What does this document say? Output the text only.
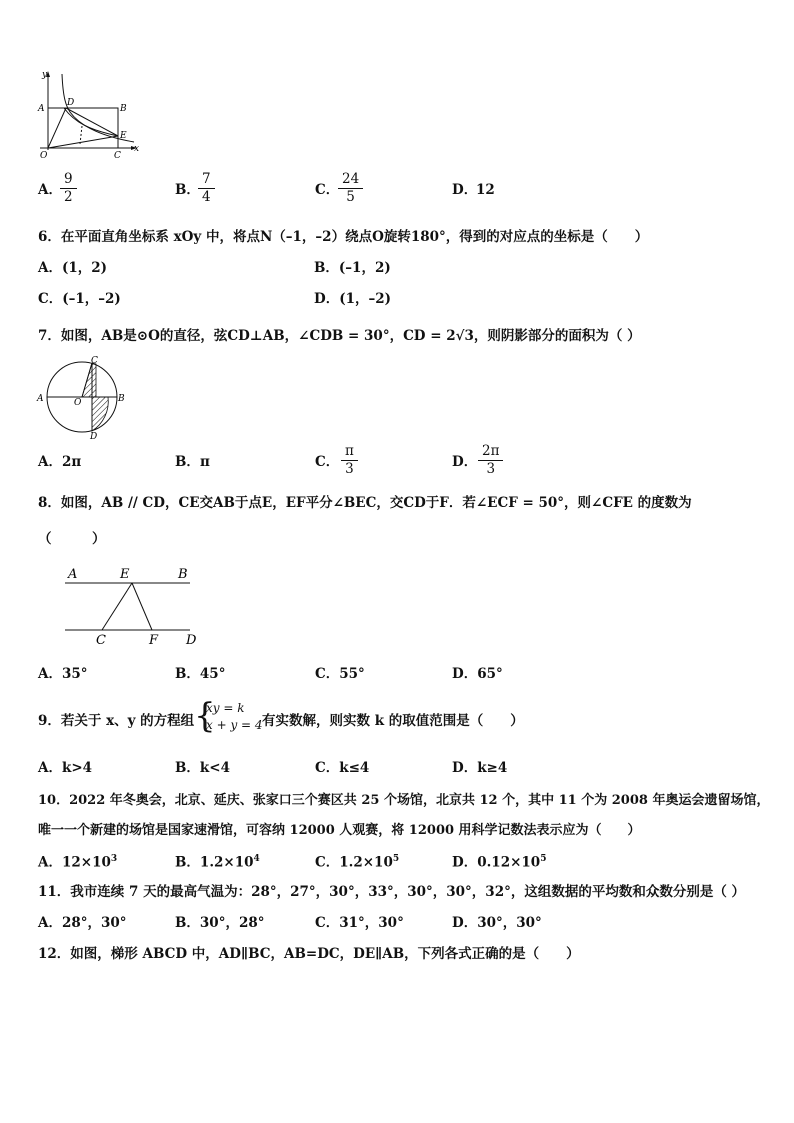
y
A
D
B
E
O	C
x
A．
9
2	B．
7
4	C．
24
5	D．
12
6．在平面直角坐标系 xOy 中，将点N（–1，–2）绕点O旋转180°，得到的对应点的坐标是（　　）
A．(1，2)	B．(–1，2)
C．(–1，–2)	D．(1，–2)
7．如图，AB是⊙O的直径，弦CD⊥AB，∠CDB = 30°，CD = 2√3，则阴影部分的面积为（ ）
C
A	O	B
D
A． 2π	B． π	C．
π
3	D．
2π
3
8．如图，AB // CD，CE交AB于点E，EF平分∠BEC，交CD于F．若∠ECF = 50°，则∠CFE 的度数为
（　　　）
A	E	B
C	F D
A．35°	B．45°	C．55°	D．65°
9．若关于 x、y 的方程组 {
xy = k
x + y = 4 有实数解，则实数 k 的取值范围是（　　）
A．k>4	B．k<4	C．k≤4	D．k≥4
10．2022 年冬奥会，北京、延庆、张家口三个赛区共 25 个场馆，北京共 12 个，其中 11 个为 2008 年奥运会遗留场馆，
唯一一个新建的场馆是国家速滑馆，可容纳 12000 人观赛，将 12000 用科学记数法表示应为（　　）
A．$12\times 10^3$	B．$1.2\times 10^4$	C．$1.2\times 10^5$	D．$0.12\times 10^5$
11．我市连续 7 天的最高气温为：28°，27°，30°，33°，30°，30°，32°，这组数据的平均数和众数分别是（ ）
A．28°，30°	B．30°，28°	C．31°，30°	D．30°，30°
12．如图，梯形 ABCD 中，AD∥BC，AB=DC，DE∥AB，下列各式正确的是（　　）
